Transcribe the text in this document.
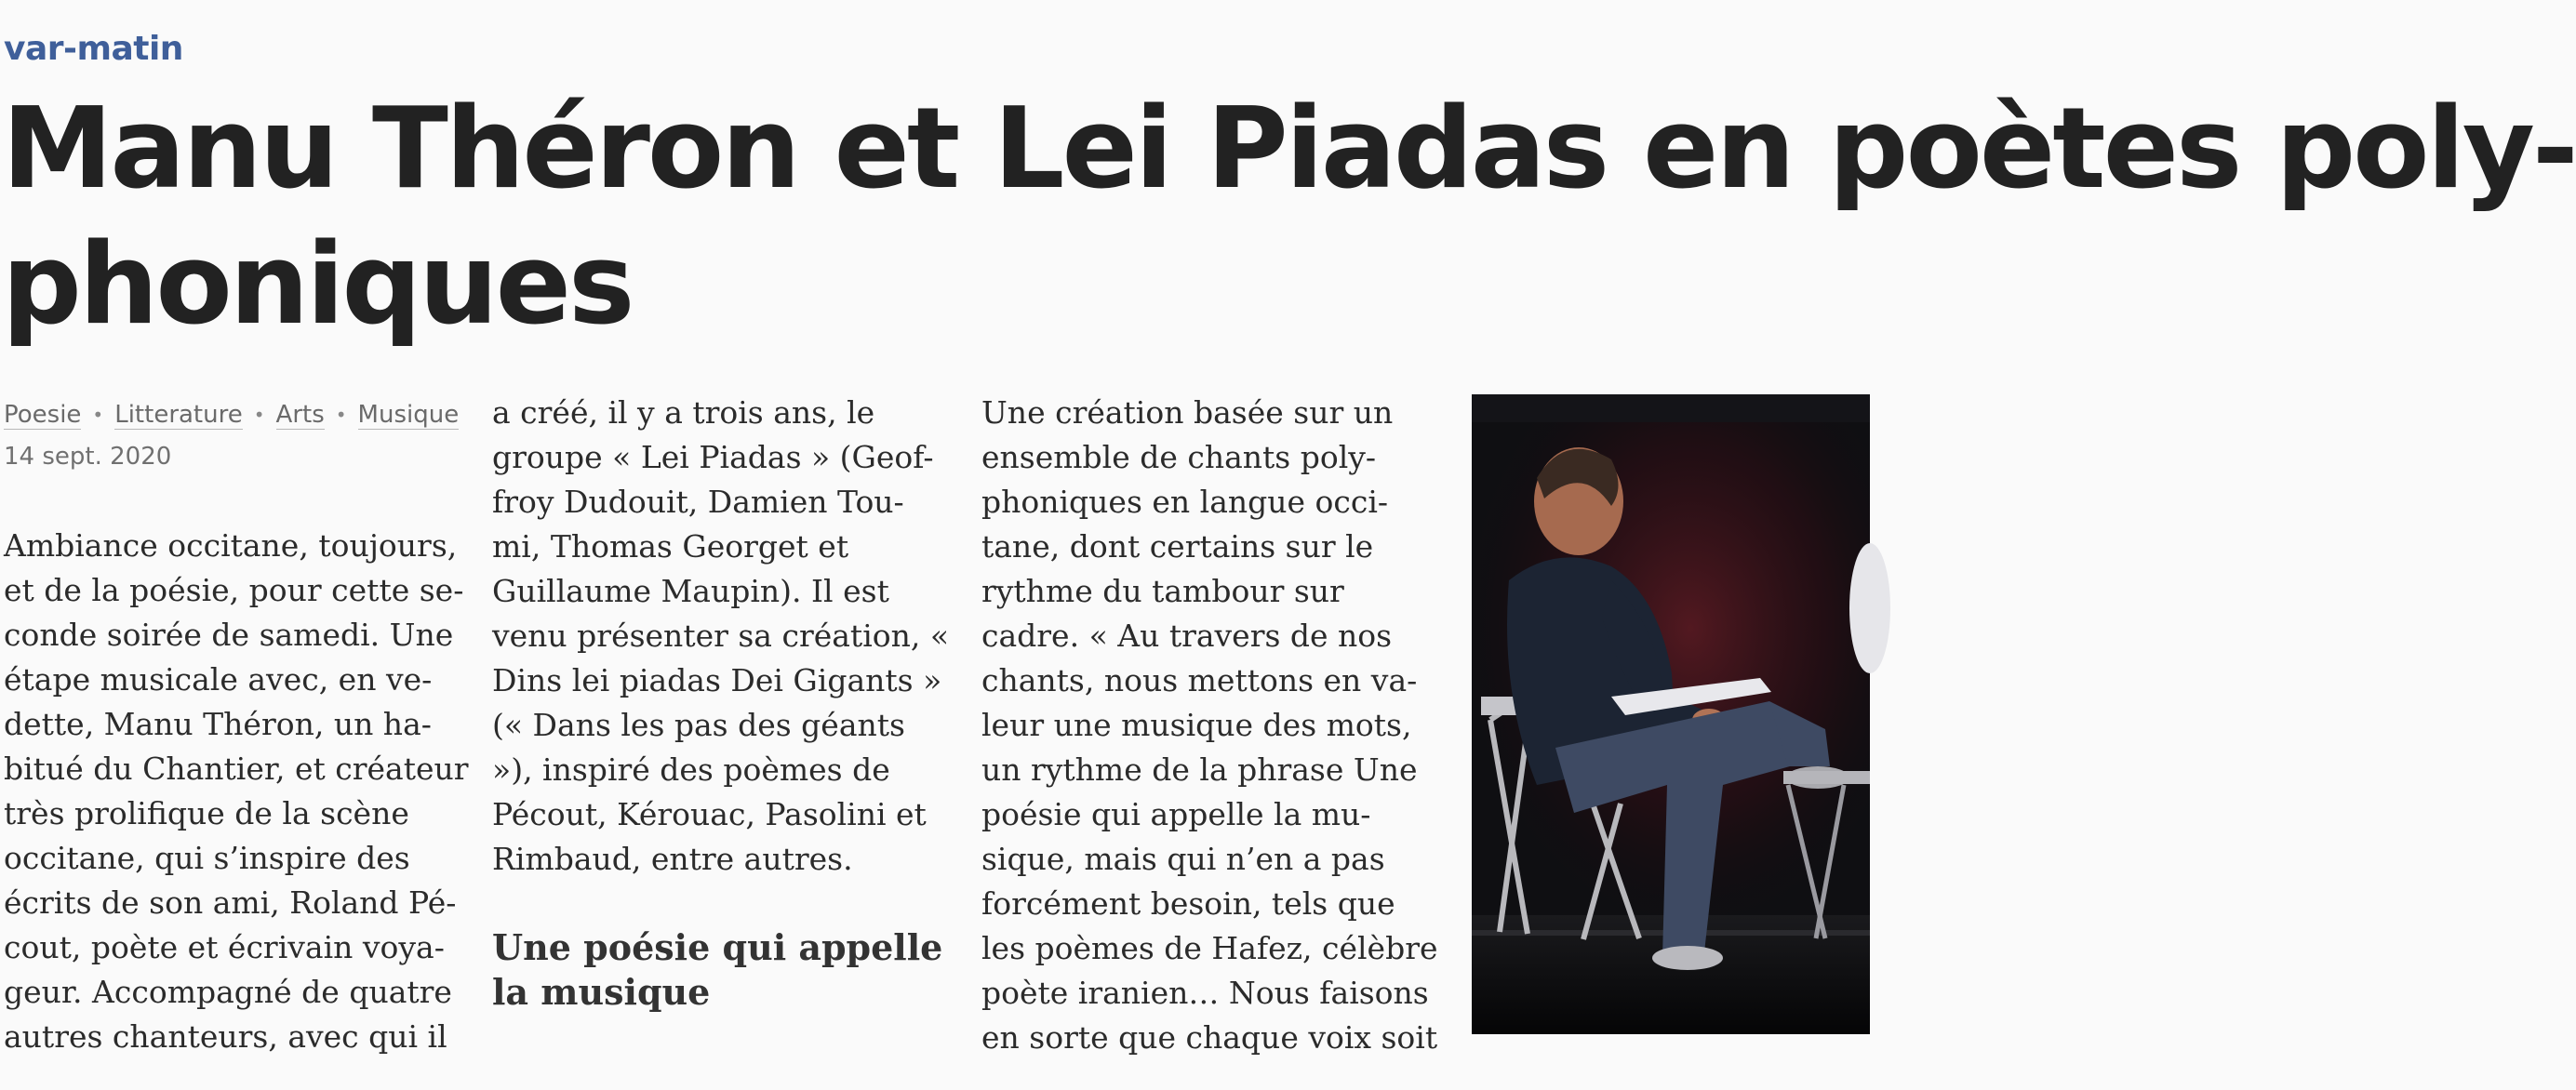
var-matin
Manu Théron et Lei Piadas en poètes poly-
phoniques
Poesie • Litterature • Arts • Musique
14 sept. 2020

Ambiance occitane, toujours,
et de la poésie, pour cette se-
conde soirée de samedi. Une
étape musicale avec, en ve-
dette, Manu Théron, un ha-
bitué du Chantier, et créateur
très prolifique de la scène
occitane, qui s’inspire des
écrits de son ami, Roland Pé-
cout, poète et écrivain voya-
geur. Accompagné de quatre
autres chanteurs, avec qui il

a créé, il y a trois ans, le
groupe « Lei Piadas » (Geof-
froy Dudouit, Damien Tou-
mi, Thomas Georget et
Guillaume Maupin). Il est
venu présenter sa création, «
Dins lei piadas Dei Gigants »
(« Dans les pas des géants
»), inspiré des poèmes de
Pécout, Kérouac, Pasolini et
Rimbaud, entre autres.

Une poésie qui appelle
la musique

Une création basée sur un
ensemble de chants poly-
phoniques en langue occi-
tane, dont certains sur le
rythme du tambour sur
cadre. « Au travers de nos
chants, nous mettons en va-
leur une musique des mots,
un rythme de la phrase Une
poésie qui appelle la mu-
sique, mais qui n’en a pas
forcément besoin, tels que
les poèmes de Hafez, célèbre
poète iranien… Nous faisons
en sorte que chaque voix soit
